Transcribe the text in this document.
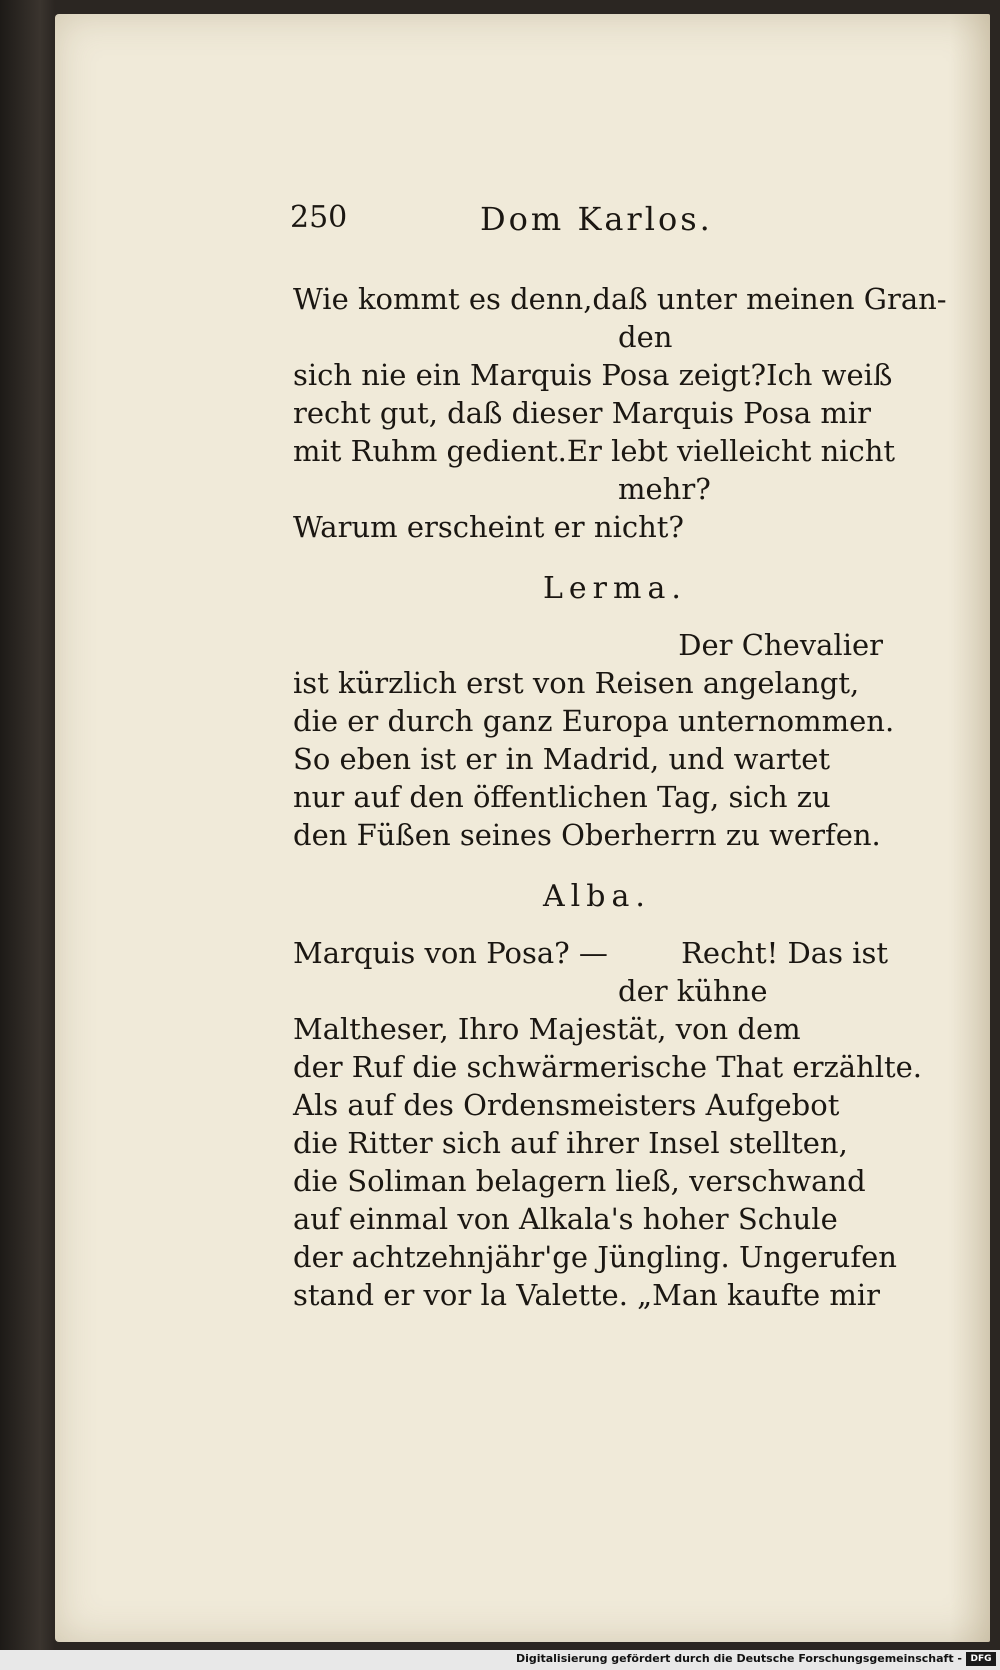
250	Dom Karlos.
Wie kommt es denn, daß unter meinen Gran-
den
sich nie ein Marquis Posa zeigt? Ich weiß
recht gut, daß dieser Marquis Posa mir
mit Ruhm gedient. Er lebt vielleicht nicht
mehr?
Warum erscheint er nicht?
Lerma.
Der Chevalier
ist kürzlich erst von Reisen angelangt,
die er durch ganz Europa unternommen.
So eben ist er in Madrid, und wartet
nur auf den öffentlichen Tag, sich zu
den Füßen seines Oberherrn zu werfen.
Alba.
Marquis von Posa? —	Recht! Das ist
der kühne
Maltheser, Ihro Majestät, von dem
der Ruf die schwärmerische That erzählte.
Als auf des Ordensmeisters Aufgebot
die Ritter sich auf ihrer Insel stellten,
die Soliman belagern ließ, verschwand
auf einmal von Alkala's hoher Schule
der achtzehnjähr'ge Jüngling. Ungerufen
stand er vor la Valette. „Man kaufte mir
Digitalisierung gefördert durch die Deutsche Forschungsgemeinschaft - DFG
